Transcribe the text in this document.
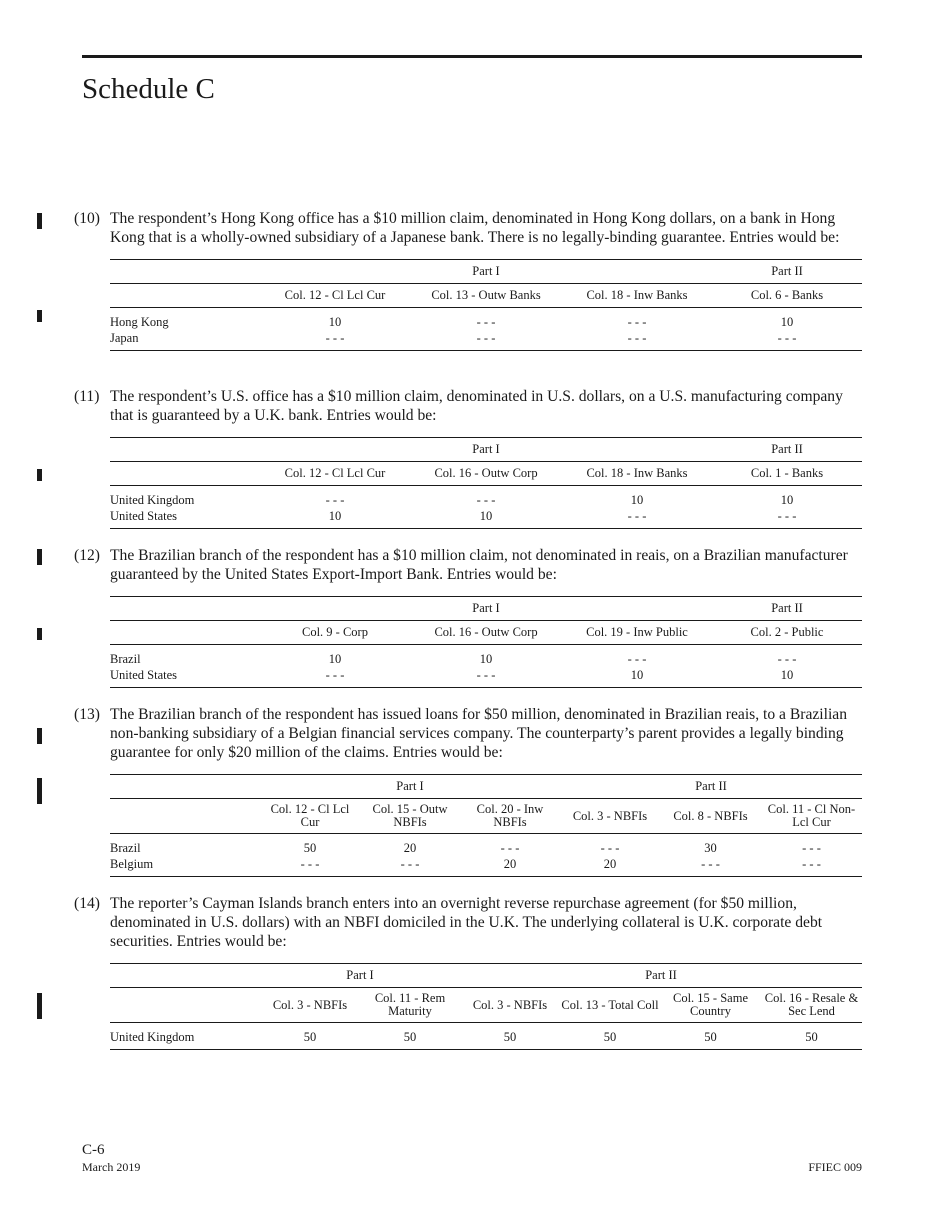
Schedule C
(10) The respondent’s Hong Kong office has a $10 million claim, denominated in Hong Kong dollars, on a bank in Hong Kong that is a wholly-owned subsidiary of a Japanese bank. There is no legally-binding guarantee. Entries would be:
	Part I			Part II
	Col. 12 - Cl Lcl Cur	Col. 13 - Outw Banks	Col. 18 - Inw Banks	Col. 6 - Banks

Hong Kong	10	- - -	- - -	10
Japan	- - -	- - -	- - -	- - -
(11) The respondent’s U.S. office has a $10 million claim, denominated in U.S. dollars, on a U.S. manufacturing company that is guaranteed by a U.K. bank. Entries would be:
	Part I			Part II
	Col. 12 - Cl Lcl Cur	Col. 16 - Outw Corp	Col. 18 - Inw Banks	Col. 1 - Banks

United Kingdom	- - -	- - -	10	10
United States	10	10	- - -	- - -
(12) The Brazilian branch of the respondent has a $10 million claim, not denominated in reais, on a Brazilian manufacturer guaranteed by the United States Export-Import Bank. Entries would be:
	Part I			Part II
	Col. 9 - Corp	Col. 16 - Outw Corp	Col. 19 - Inw Public	Col. 2 - Public

Brazil	10	10	- - -	- - -
United States	- - -	- - -	10	10
(13) The Brazilian branch of the respondent has issued loans for $50 million, denominated in Brazilian reais, to a Brazilian non-banking subsidiary of a Belgian financial services company. The counterparty’s parent provides a legally binding guarantee for only $20 million of the claims. Entries would be:
	Part I			Part II		
	Col. 12 - Cl Lcl Cur	Col. 15 - Outw NBFIs	Col. 20 - Inw NBFIs	Col. 3 - NBFIs	Col. 8 - NBFIs	Col. 11 - Cl Non-Lcl Cur

Brazil	50	20	- - -	- - -	30	- - -
Belgium	- - -	- - -	20	20	- - -	- - -
(14) The reporter’s Cayman Islands branch enters into an overnight reverse repurchase agreement (for $50 million, denominated in U.S. dollars) with an NBFI domiciled in the U.K. The underlying collateral is U.K. corporate debt securities. Entries would be:
	Part I		Part II			
	Col. 3 - NBFIs	Col. 11 - Rem Maturity	Col. 3 - NBFIs	Col. 13 - Total Coll	Col. 15 - Same Country	Col. 16 - Resale & Sec Lend

United Kingdom	50	50	50	50	50	50
C-6
March 2019	FFIEC 009
